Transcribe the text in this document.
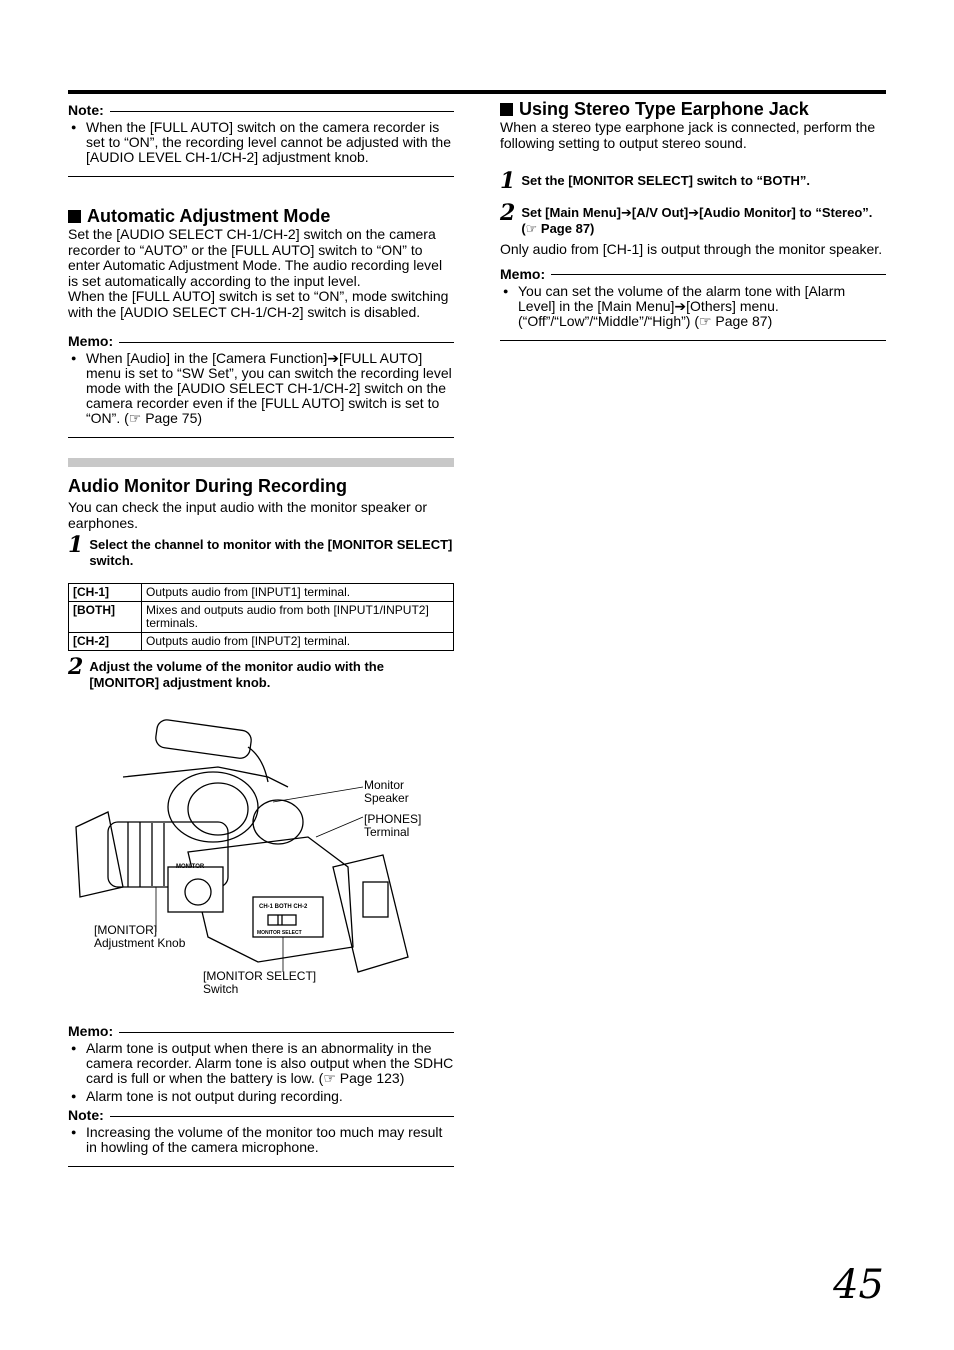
Note:
● When the [FULL AUTO] switch on the camera recorder is set to “ON”, the recording level cannot be adjusted with the [AUDIO LEVEL CH-1/CH-2] adjustment knob.
Automatic Adjustment Mode

Set the [AUDIO SELECT CH-1/CH-2] switch on the camera recorder to “AUTO” or the [FULL AUTO] switch to “ON” to enter Automatic Adjustment Mode. The audio recording level is set automatically according to the input level.

When the [FULL AUTO] switch is set to “ON”, mode switching with the [AUDIO SELECT CH-1/CH-2] switch is disabled.

Memo:
● When [Audio] in the [Camera Function]➔[FULL AUTO] menu is set to “SW Set”, you can switch the recording level mode with the [AUDIO SELECT CH-1/CH-2] switch on the camera recorder even if the [FULL AUTO] switch is set to “ON”. (☞ Page 75)
Audio Monitor During Recording

You can check the input audio with the monitor speaker or earphones.

1 Select the channel to monitor with the [MONITOR SELECT] switch.
[CH-1]	Outputs audio from [INPUT1] terminal.
[BOTH]	Mixes and outputs audio from both [INPUT1/INPUT2] terminals.
[CH-2]	Outputs audio from [INPUT2] terminal.
2 Adjust the volume of the monitor audio with the [MONITOR] adjustment knob.
MONITOR
CH-1 BOTH CH-2
MONITOR SELECT
Monitor Speaker
[PHONES] Terminal
[MONITOR] Adjustment Knob
[MONITOR SELECT] Switch
Memo:
● Alarm tone is output when there is an abnormality in the camera recorder. Alarm tone is also output when the SDHC card is full or when the battery is low. (☞ Page 123)
● Alarm tone is not output during recording.
Note:
● Increasing the volume of the monitor too much may result in howling of the camera microphone.
Using Stereo Type Earphone Jack

When a stereo type earphone jack is connected, perform the following setting to output stereo sound.

1 Set the [MONITOR SELECT] switch to “BOTH”.
2 Set [Main Menu]➔[A/V Out]➔[Audio Monitor] to “Stereo”. (☞ Page 87)

Only audio from [CH-1] is output through the monitor speaker.

Memo:
● You can set the volume of the alarm tone with [Alarm Level] in the [Main Menu]➔[Others] menu. (“Off”/“Low”/“Middle”/“High”) (☞ Page 87)
45
